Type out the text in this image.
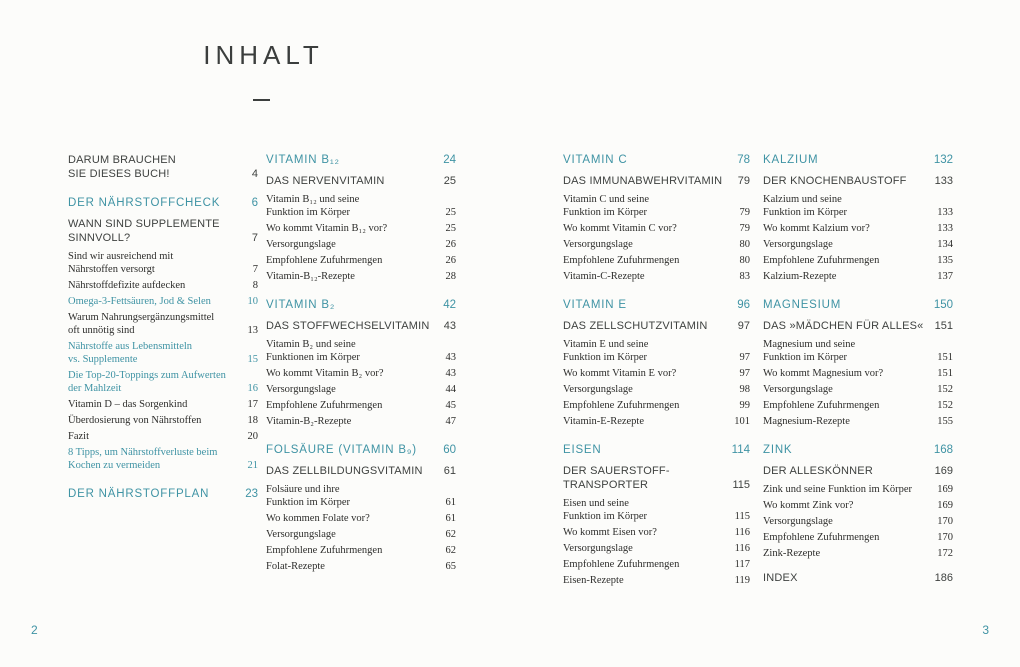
INHALT
DARUM BRAUCHEN
SIE DIESES BUCH!	4
DER NÄHRSTOFFCHECK	6
WANN SIND SUPPLEMENTE
SINNVOLL?	7
Sind wir ausreichend mit
Nährstoffen versorgt	7
Nährstoffdefizite aufdecken	8
Omega-3-Fettsäuren, Jod & Selen	10
Warum Nahrungsergänzungsmittel
oft unnötig sind	13
Nährstoffe aus Lebensmitteln
vs. Supplemente	15
Die Top-20-Toppings zum Aufwerten
der Mahlzeit	16
Vitamin D – das Sorgenkind	17
Überdosierung von Nährstoffen	18
Fazit	20
8 Tipps, um Nährstoffverluste beim
Kochen zu vermeiden	21
DER NÄHRSTOFFPLAN	23
VITAMIN B₁₂	24
DAS NERVENVITAMIN	25
Vitamin B₁₂ und seine
Funktion im Körper	25
Wo kommt Vitamin B₁₂ vor?	25
Versorgungslage	26
Empfohlene Zufuhrmengen	26
Vitamin-B₁₂-Rezepte	28
VITAMIN B₂	42
DAS STOFFWECHSELVITAMIN 43
Vitamin B₂ und seine
Funktionen im Körper	43
Wo kommt Vitamin B₂ vor?	43
Versorgungslage	44
Empfohlene Zufuhrmengen	45
Vitamin-B₂-Rezepte	47
FOLSÄURE (VITAMIN B₉) 60
DAS ZELLBILDUNGSVITAMIN 61
Folsäure und ihre
Funktion im Körper	61
Wo kommen Folate vor?	61
Versorgungslage	62
Empfohlene Zufuhrmengen	62
Folat-Rezepte	65
VITAMIN C	78
DAS IMMUNABWEHRVITAMIN 79
Vitamin C und seine
Funktion im Körper	79
Wo kommt Vitamin C vor?	79
Versorgungslage	80
Empfohlene Zufuhrmengen	80
Vitamin-C-Rezepte	83
VITAMIN E	96
DAS ZELLSCHUTZVITAMIN	97
Vitamin E und seine
Funktion im Körper	97
Wo kommt Vitamin E vor?	97
Versorgungslage	98
Empfohlene Zufuhrmengen	99
Vitamin-E-Rezepte	101
EISEN	114
DER SAUERSTOFF-
TRANSPORTER	115
Eisen und seine
Funktion im Körper	115
Wo kommt Eisen vor?	116
Versorgungslage	116
Empfohlene Zufuhrmengen	117
Eisen-Rezepte	119
KALZIUM	132
DER KNOCHENBAUSTOFF	133
Kalzium und seine
Funktion im Körper	133
Wo kommt Kalzium vor?	133
Versorgungslage	134
Empfohlene Zufuhrmengen	135
Kalzium-Rezepte	137
MAGNESIUM	150
DAS »MÄDCHEN FÜR ALLES« 151
Magnesium und seine
Funktion im Körper	151
Wo kommt Magnesium vor?	151
Versorgungslage	152
Empfohlene Zufuhrmengen	152
Magnesium-Rezepte	155
ZINK	168
DER ALLESKÖNNER	169
Zink und seine Funktion im Körper 169
Wo kommt Zink vor?	169
Versorgungslage	170
Empfohlene Zufuhrmengen	170
Zink-Rezepte	172
INDEX	186
2	3
